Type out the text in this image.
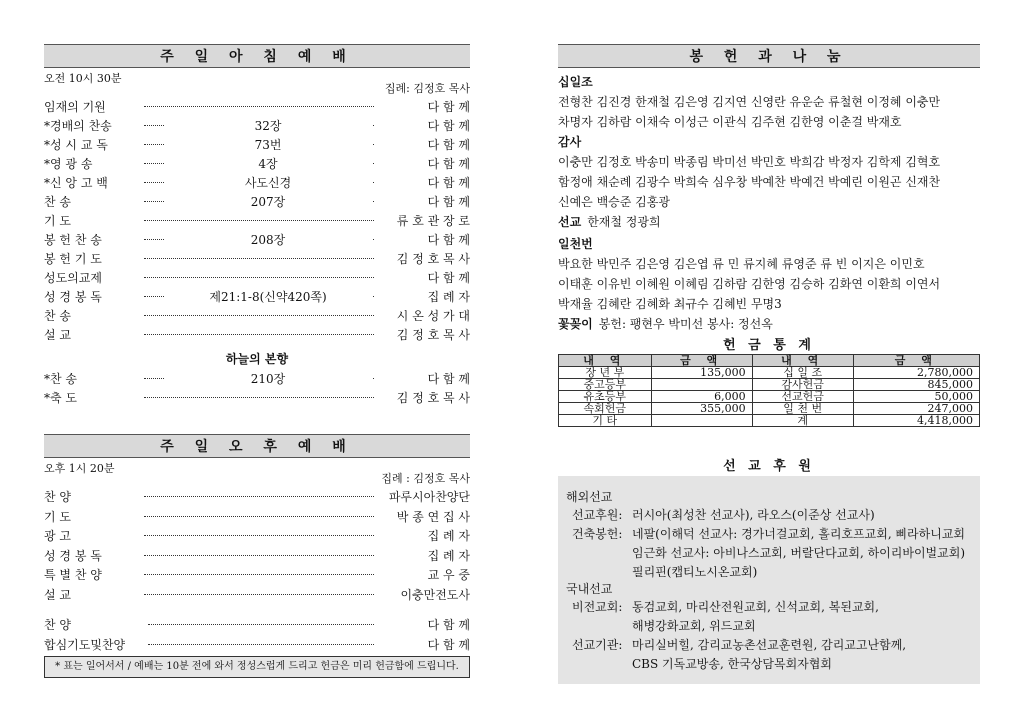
주 일 아 침 예 배
오전 10시 30분
집례: 김정호 목사
임재의 기원	다 함 께
*경배의 찬송	32장	다 함 께
*성 시 교 독	73번	다 함 께
*영 광 송	4장	다 함 께
*신 앙 고 백	사도신경	다 함 께
찬 송	207장	다 함 께
기 도	류 호 관 장 로
봉 헌 찬 송	208장	다 함 께
봉 헌 기 도	김 정 호 목 사
성도의교제	다 함 께
성 경 봉 독	제21:1-8(신약420쪽)	집 례 자
찬 송	시 온 성 가 대
설 교	김 정 호 목 사
하늘의 본향
*찬 송	210장	다 함 께
*축 도	김 정 호 목 사
주 일 오 후 예 배
오후 1시 20분
집례 : 김정호 목사
찬 양	파루시아찬양단
기 도	박 종 연 집 사
광 고	집 례 자
성 경 봉 독	집 례 자
특 별 찬 양	교 우 중
설 교	이충만전도사
찬 양	다 함 께
합심기도및찬양	다 함 께
* 표는 일어서서 / 예배는 10분 전에 와서 정성스럽게 드리고 헌금은 미리 헌금함에 드립니다.
봉 헌 과 나 눔
십일조
전형찬 김진경 한재철 김은영 김지연 신영란 유운순 류철현 이정혜 이충만
차명자 김하람 이채숙 이성근 이관식 김주현 김한영 이춘걸 박재호
감사
이충만 김정호 박송미 박종림 박미선 박민호 박희감 박정자 김학제 김혁호
함정애 채순례 김광수 박희숙 심우창 박예찬 박예건 박예린 이원곤 신재찬
신예은 백승준 김홍광
선교 한재철 정광희
일천번
박요한 박민주 김은영 김은엽 류 민 류지혜 류영준 류 빈 이지은 이민호
이태훈 이유빈 이혜원 이혜림 김하람 김한영 김승하 김화연 이환희 이연서
박재율 김혜란 김혜화 최규수 김혜빈 무명3
꽃꽂이 봉헌: 팽현우 박미선 봉사: 정선옥
헌 금 통 계
내 역	금 액	내 역	금 액
장 년 부	135,000	십 일 조	2,780,000
중고등부		감사헌금	845,000
유초등부	6,000	선교헌금	50,000
속회헌금	355,000	일 천 번	247,000
기 타		계	4,418,000
선 교 후 원
해외선교
선교후원: 러시아(최성찬 선교사), 라오스(이준상 선교사)
건축봉헌: 네팔(이해덕 선교사: 경가너걸교회, 홀리호프교회, 삐라하니교회
임근화 선교사: 아비나스교회, 버랄단다교회, 하이리바이벌교회)
필리핀(캡티노시온교회)
국내선교
비전교회: 동검교회, 마리산전원교회, 신석교회, 복된교회,
해병강화교회, 위드교회
선교기관: 마리실버힐, 감리교농촌선교훈련원, 감리교고난함께,
CBS 기독교방송, 한국상담목회자협회
